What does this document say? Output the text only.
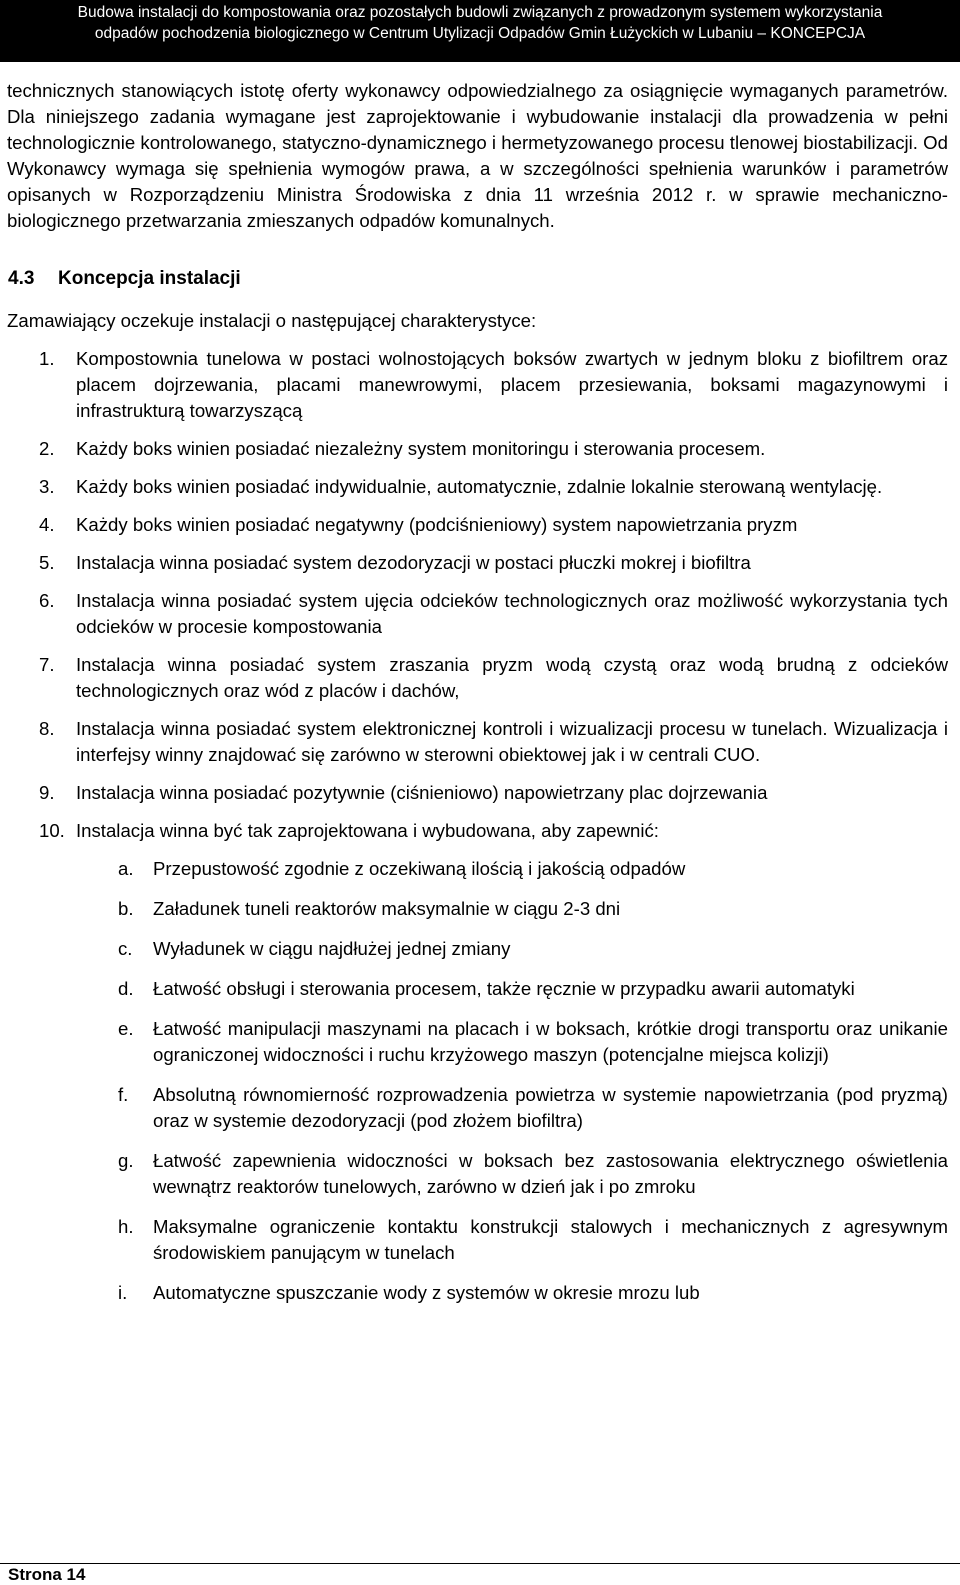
Budowa instalacji do kompostowania oraz pozostałych budowli związanych z prowadzonym systemem wykorzystania
odpadów pochodzenia biologicznego w Centrum Utylizacji Odpadów Gmin Łużyckich w Lubaniu – KONCEPCJA

technicznych stanowiących istotę oferty wykonawcy odpowiedzialnego za osiągnięcie wymaganych parametrów. Dla niniejszego zadania wymagane jest zaprojektowanie i wybudowanie instalacji dla prowadzenia w pełni technologicznie kontrolowanego, statyczno-dynamicznego i hermetyzowanego procesu tlenowej biostabilizacji. Od Wykonawcy wymaga się spełnienia wymogów prawa, a w szczególności spełnienia warunków i parametrów opisanych w Rozporządzeniu Ministra Środowiska z dnia 11 września 2012 r. w sprawie mechaniczno- biologicznego przetwarzania zmieszanych odpadów komunalnych.

4.3	Koncepcja instalacji

Zamawiający oczekuje instalacji o następującej charakterystyce:

1.	Kompostownia tunelowa w postaci wolnostojących boksów zwartych w jednym bloku z biofiltrem oraz placem dojrzewania, placami manewrowymi, placem przesiewania, boksami magazynowymi i infrastrukturą towarzyszącą
2.	Każdy boks winien posiadać niezależny system monitoringu i sterowania procesem.
3.	Każdy boks winien posiadać indywidualnie, automatycznie, zdalnie lokalnie sterowaną wentylację.
4.	Każdy boks winien posiadać negatywny (podciśnieniowy) system napowietrzania pryzm
5.	Instalacja winna posiadać system dezodoryzacji w postaci płuczki mokrej i biofiltra
6.	Instalacja winna posiadać system ujęcia odcieków technologicznych oraz możliwość wykorzystania tych odcieków w procesie kompostowania
7.	Instalacja winna posiadać system zraszania pryzm wodą czystą oraz wodą brudną z odcieków technologicznych oraz wód z placów i dachów,
8.	Instalacja winna posiadać system elektronicznej kontroli i wizualizacji procesu w tunelach. Wizualizacja i interfejsy winny znajdować się zarówno w sterowni obiektowej jak i w centrali CUO.
9.	Instalacja winna posiadać pozytywnie (ciśnieniowo) napowietrzany plac dojrzewania
10. Instalacja winna być tak zaprojektowana i wybudowana, aby zapewnić:
a.	Przepustowość zgodnie z oczekiwaną ilością i jakością odpadów
b.	Załadunek tuneli reaktorów maksymalnie w ciągu 2-3 dni
c.	Wyładunek w ciągu najdłużej jednej zmiany
d.	Łatwość obsługi i sterowania procesem, także ręcznie w przypadku awarii automatyki
e.	Łatwość manipulacji maszynami na placach i w boksach, krótkie drogi transportu oraz unikanie ograniczonej widoczności i ruchu krzyżowego maszyn (potencjalne miejsca kolizji)
f.	Absolutną równomierność rozprowadzenia powietrza w systemie napowietrzania (pod pryzmą) oraz w systemie dezodoryzacji (pod złożem biofiltra)
g.	Łatwość zapewnienia widoczności w boksach bez zastosowania elektrycznego oświetlenia wewnątrz reaktorów tunelowych, zarówno w dzień jak i po zmroku
h.	Maksymalne ograniczenie kontaktu konstrukcji stalowych i mechanicznych z agresywnym środowiskiem panującym w tunelach
i.	Automatyczne spuszczanie wody z systemów w okresie mrozu lub
Strona 14
